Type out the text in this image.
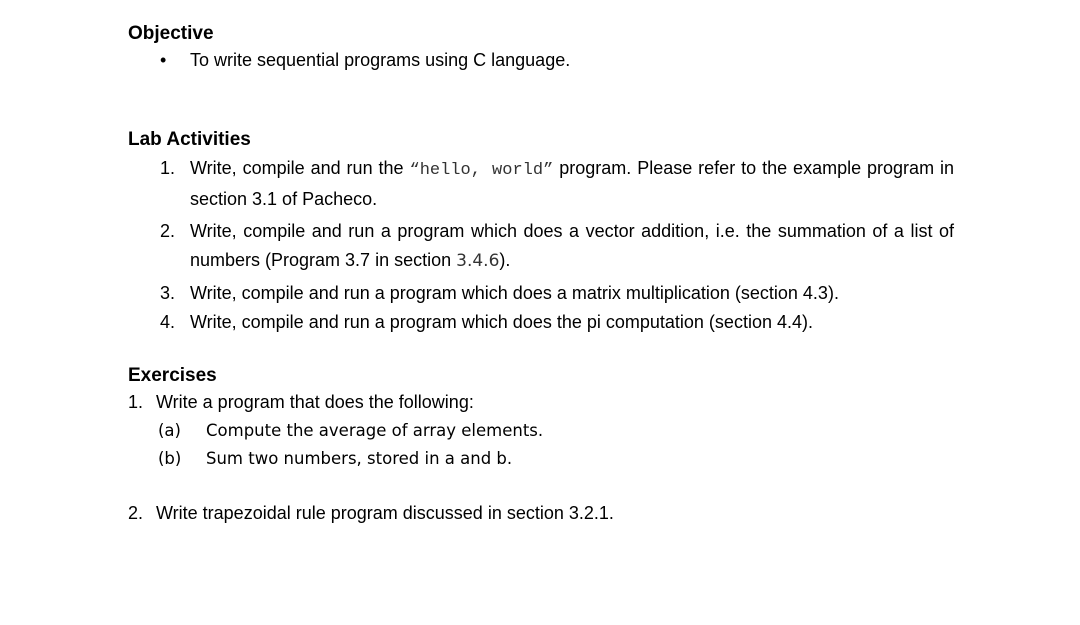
Objective
• To write sequential programs using C language.
Lab Activities
1. Write, compile and run the “hello, world” program. Please refer to the example program in section 3.1 of Pacheco.
2. Write, compile and run a program which does a vector addition, i.e. the summation of a list of numbers (Program 3.7 in section 3.4.6).
3. Write, compile and run a program which does a matrix multiplication (section 4.3).
4. Write, compile and run a program which does the pi computation (section 4.4).
Exercises
1. Write a program that does the following:
(a) Compute the average of array elements.
(b) Sum two numbers, stored in a and b.
2. Write trapezoidal rule program discussed in section 3.2.1.
